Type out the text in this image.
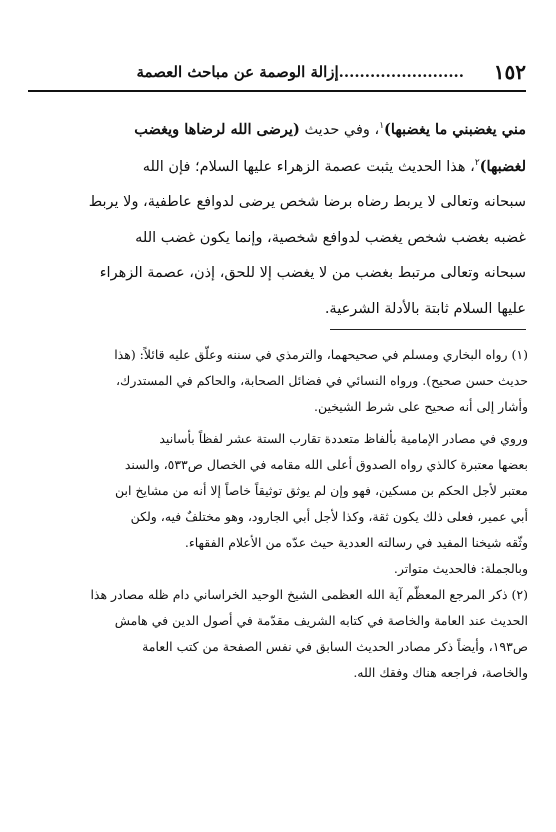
١٥٢
........................إزالة الوصمة عن مباحث العصمة

مني يغضبني ما يغضبها)$^١$، وفي حديث (يرضى الله لرضاها ويغضب

لغضبها)$^٢$، هذا الحديث يثبت عصمة الزهراء عليها السلام؛ فإن الله

سبحانه وتعالى لا يربط رضاه برضا شخص يرضى لدوافع عاطفية، ولا يربط

غضبه بغضب شخص يغضب لدوافع شخصية، وإنما يكون غضب الله

سبحانه وتعالى مرتبط بغضب من لا يغضب إلا للحق، إذن، عصمة الزهراء

عليها السلام ثابتة بالأدلة الشرعية.

(١) رواه البخاري ومسلم في صحيحهما، والترمذي في سننه وعلّق عليه قائلاً: (هذا

حديث حسن صحيح). ورواه النسائي في فضائل الصحابة، والحاكم في المستدرك،

وأشار إلى أنه صحيح على شرط الشيخين.

وروي في مصادر الإمامية بألفاظ متعددة تقارب الستة عشر لفظاً بأسانيد

بعضها معتبرة كالذي رواه الصدوق أعلى الله مقامه في الخصال ص٥٣٣، والسند

معتبر لأجل الحكم بن مسكين، فهو وإن لم يوثق توثيقاً خاصاً إلا أنه من مشايخ ابن

أبي عمير، فعلى ذلك يكون ثقة، وكذا لأجل أبي الجارود، وهو مختلفٌ فيه، ولكن

وثّقه شيخنا المفيد في رسالته العددية حيث عدّه من الأعلام الفقهاء.

وبالجملة: فالحديث متواتر.

(٢) ذكر المرجع المعظّم آية الله العظمى الشيخ الوحيد الخراساني دام ظله مصادر هذا

الحديث عند العامة والخاصة في كتابه الشريف مقدّمة في أصول الدين في هامش

ص١٩٣، وأيضاً ذكر مصادر الحديث السابق في نفس الصفحة من كتب العامة

والخاصة، فراجعه هناك وفقك الله.
